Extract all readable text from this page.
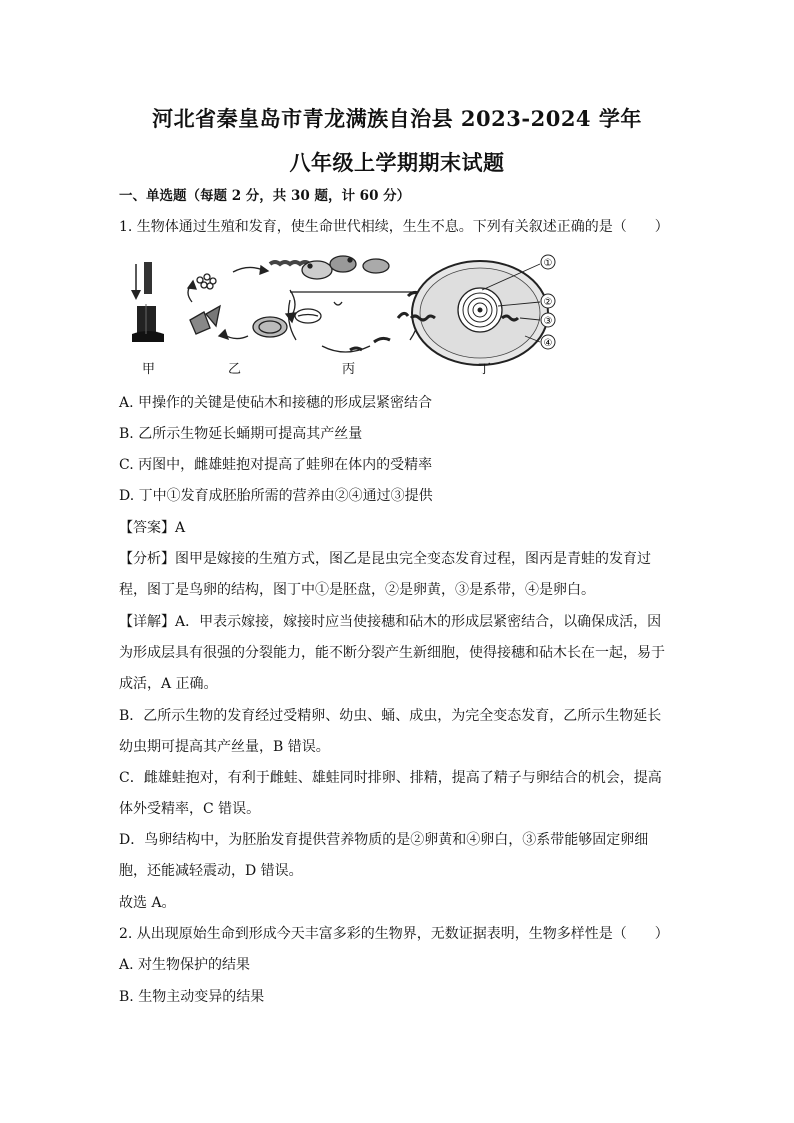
河北省秦皇岛市青龙满族自治县 2023-2024 学年
八年级上学期期末试题
一、单选题（每题 2 分，共 30 题，计 60 分）
1. 生物体通过生殖和发育，使生命世代相续，生生不息。下列有关叙述正确的是（　　）
①
②
③
④
甲	乙	丙	丁
A. 甲操作的关键是使砧木和接穗的形成层紧密结合
B. 乙所示生物延长蛹期可提高其产丝量
C. 丙图中，雌雄蛙抱对提高了蛙卵在体内的受精率
D. 丁中①发育成胚胎所需的营养由②④通过③提供
【答案】A
【分析】图甲是嫁接的生殖方式，图乙是昆虫完全变态发育过程，图丙是青蛙的发育过
程，图丁是鸟卵的结构，图丁中①是胚盘，②是卵黄，③是系带，④是卵白。
【详解】A．甲表示嫁接，嫁接时应当使接穗和砧木的形成层紧密结合，以确保成活，因
为形成层具有很强的分裂能力，能不断分裂产生新细胞，使得接穗和砧木长在一起，易于
成活，A 正确。
B．乙所示生物的发育经过受精卵、幼虫、蛹、成虫，为完全变态发育，乙所示生物延长
幼虫期可提高其产丝量，B 错误。
C．雌雄蛙抱对，有利于雌蛙、雄蛙同时排卵、排精，提高了精子与卵结合的机会，提高
体外受精率，C 错误。
D．鸟卵结构中，为胚胎发育提供营养物质的是②卵黄和④卵白，③系带能够固定卵细
胞，还能减轻震动，D 错误。
故选 A。
2. 从出现原始生命到形成今天丰富多彩的生物界，无数证据表明，生物多样性是（　　）
A. 对生物保护的结果
B. 生物主动变异的结果
